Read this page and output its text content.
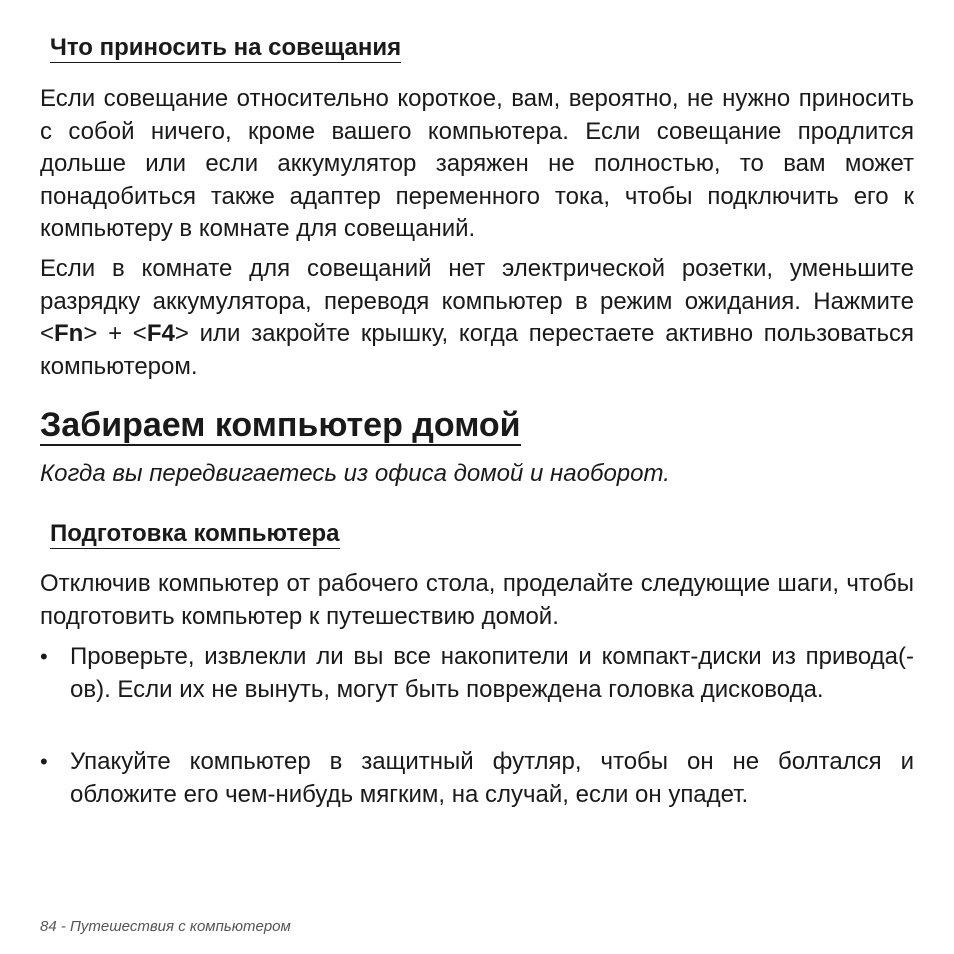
Что приносить на совещания

Если совещание относительно короткое, вам, вероятно, не нужно приносить с собой ничего, кроме вашего компьютера. Если совещание продлится дольше или если аккумулятор заряжен не полностью, то вам может понадобиться также адаптер переменного тока, чтобы подключить его к компьютеру в комнате для совещаний.

Если в комнате для совещаний нет электрической розетки, уменьшите разрядку аккумулятора, переводя компьютер в режим ожидания. Нажмите <Fn> + <F4> или закройте крышку, когда перестаете активно пользоваться компьютером.

Забираем компьютер домой

Когда вы передвигаетесь из офиса домой и наоборот.

Подготовка компьютера

Отключив компьютер от рабочего стола, проделайте следующие шаги, чтобы подготовить компьютер к путешествию домой.

• Проверьте, извлекли ли вы все накопители и компакт-диски из привода(-ов). Если их не вынуть, могут быть повреждена головка дисковода.

• Упакуйте компьютер в защитный футляр, чтобы он не болтался и обложите его чем-нибудь мягким, на случай, если он упадет.

84 - Путешествия с компьютером
